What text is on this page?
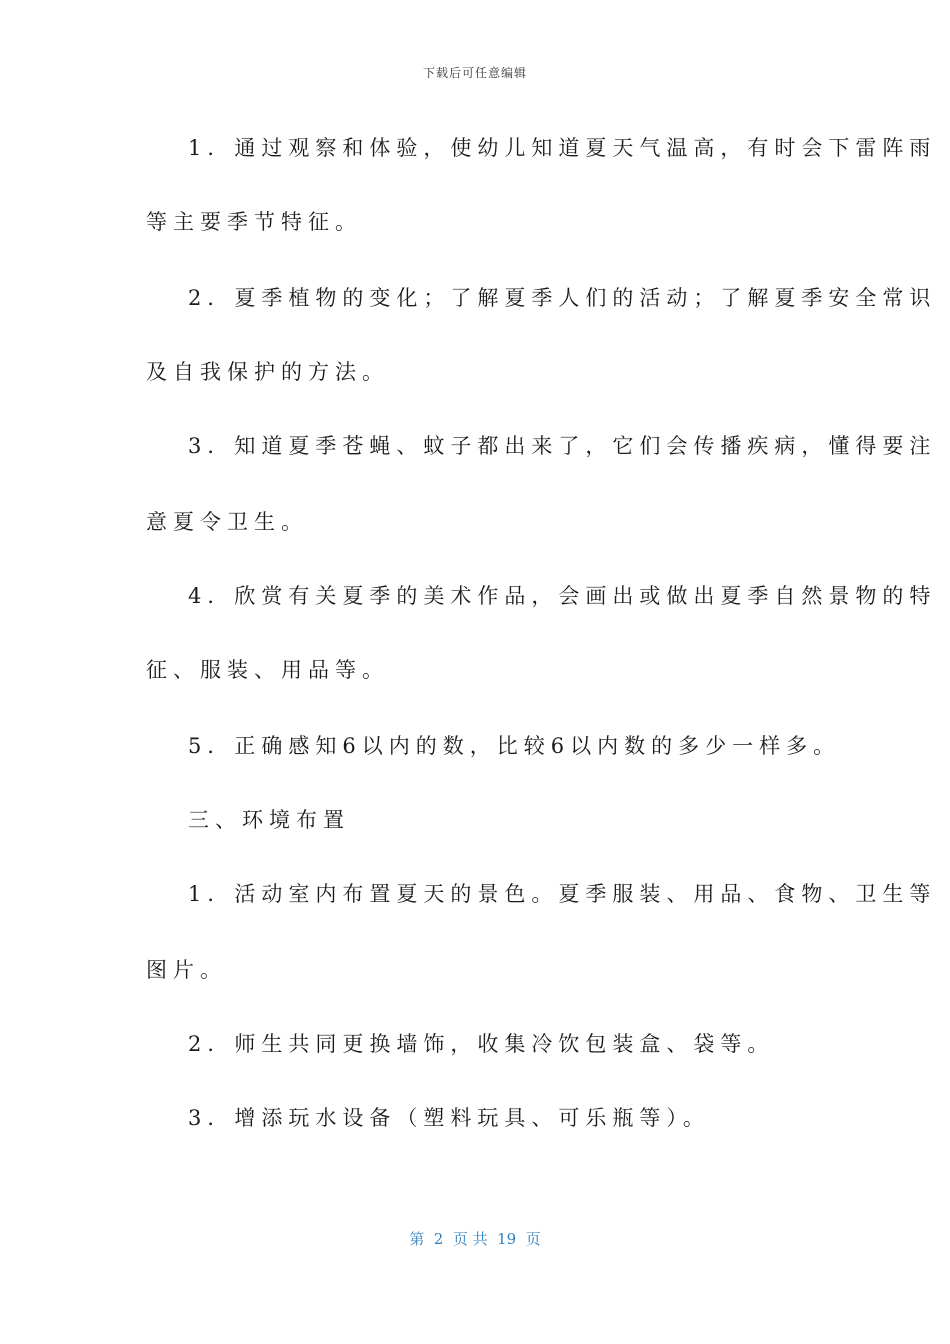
下载后可任意编辑
1．通过观察和体验，使幼儿知道夏天气温高，有时会下雷阵雨
等主要季节特征。
2．夏季植物的变化；了解夏季人们的活动；了解夏季安全常识
及自我保护的方法。
3．知道夏季苍蝇、蚊子都出来了，它们会传播疾病，懂得要注
意夏令卫生。
4．欣赏有关夏季的美术作品，会画出或做出夏季自然景物的特
征、服装、用品等。
5．正确感知6以内的数，比较6以内数的多少一样多。
三、环境布置
1．活动室内布置夏天的景色。夏季服装、用品、食物、卫生等
图片。
2．师生共同更换墙饰，收集冷饮包装盒、袋等。
3．增添玩水设备（塑料玩具、可乐瓶等）。
第  2  页 共  19  页
